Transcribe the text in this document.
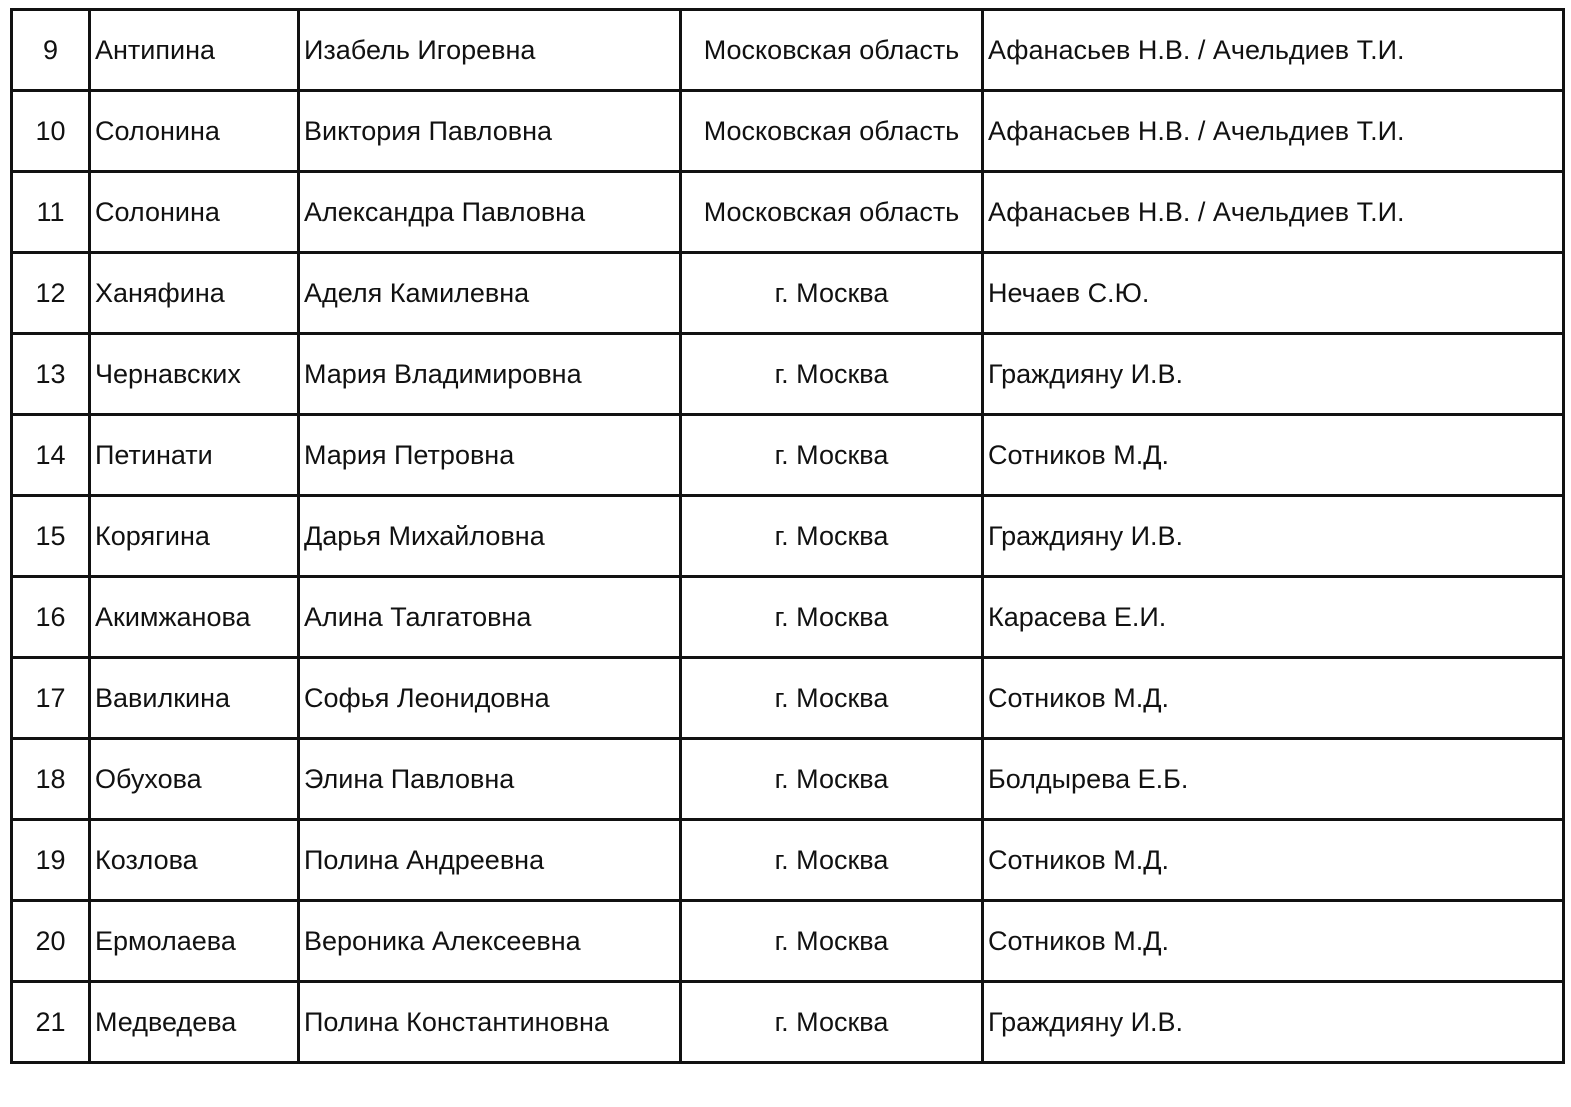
9	Антипина	Изабель Игоревна	Московская область	Афанасьев Н.В. / Ачельдиев Т.И.
10	Солонина	Виктория Павловна	Московская область	Афанасьев Н.В. / Ачельдиев Т.И.
11	Солонина	Александра Павловна	Московская область	Афанасьев Н.В. / Ачельдиев Т.И.
12	Ханяфина	Аделя Камилевна	г. Москва	Нечаев С.Ю.
13	Чернавских	Мария Владимировна	г. Москва	Граждияну И.В.
14	Петинати	Мария Петровна	г. Москва	Сотников М.Д.
15	Корягина	Дарья Михайловна	г. Москва	Граждияну И.В.
16	Акимжанова	Алина Талгатовна	г. Москва	Карасева Е.И.
17	Вавилкина	Софья Леонидовна	г. Москва	Сотников М.Д.
18	Обухова	Элина Павловна	г. Москва	Болдырева Е.Б.
19	Козлова	Полина Андреевна	г. Москва	Сотников М.Д.
20	Ермолаева	Вероника Алексеевна	г. Москва	Сотников М.Д.
21	Медведева	Полина Константиновна	г. Москва	Граждияну И.В.
